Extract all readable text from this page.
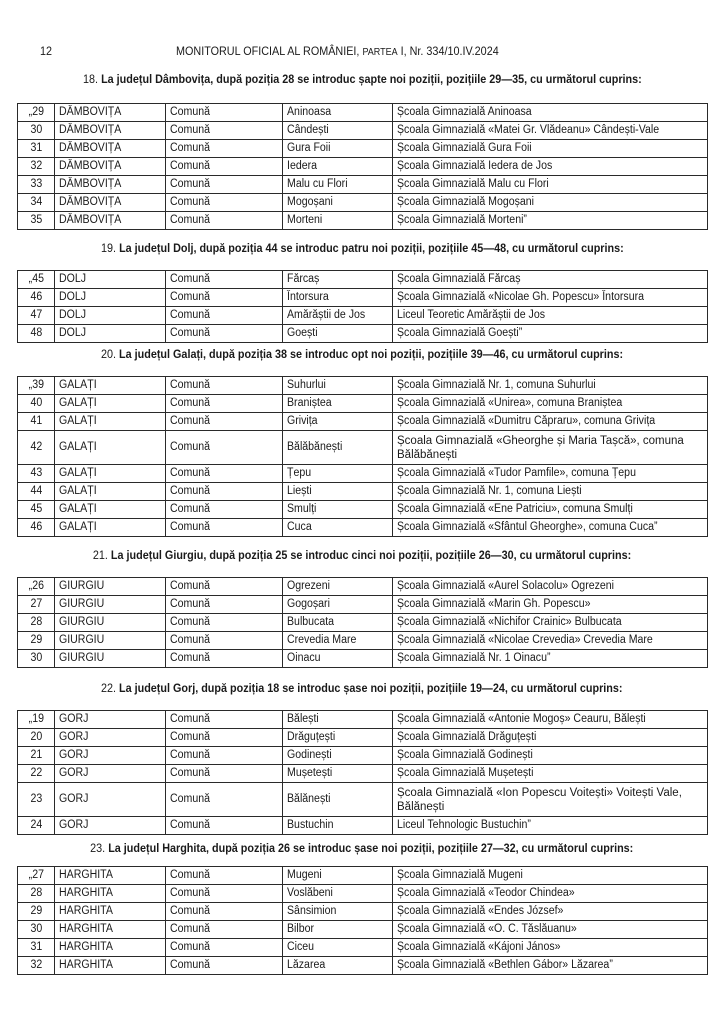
12	MONITORUL OFICIAL AL ROMÂNIEI, PARTEA I, Nr. 334/10.IV.2024
18. La județul Dâmbovița, după poziția 28 se introduc șapte noi poziții, pozițiile 29—35, cu următorul cuprins:
„29	DÂMBOVIȚA	Comună	Aninoasa	Școala Gimnazială Aninoasa
30	DÂMBOVIȚA	Comună	Cândești	Școala Gimnazială «Matei Gr. Vlădeanu» Cândești-Vale
31	DÂMBOVIȚA	Comună	Gura Foii	Școala Gimnazială Gura Foii
32	DÂMBOVIȚA	Comună	Iedera	Școala Gimnazială Iedera de Jos
33	DÂMBOVIȚA	Comună	Malu cu Flori	Școala Gimnazială Malu cu Flori
34	DÂMBOVIȚA	Comună	Mogoșani	Școala Gimnazială Mogoșani
35	DÂMBOVIȚA	Comună	Morteni	Școala Gimnazială Morteni”
19. La județul Dolj, după poziția 44 se introduc patru noi poziții, pozițiile 45—48, cu următorul cuprins:
„45	DOLJ	Comună	Fărcaș	Școala Gimnazială Fărcaș
46	DOLJ	Comună	Întorsura	Școala Gimnazială «Nicolae Gh. Popescu» Întorsura
47	DOLJ	Comună	Amărăștii de Jos	Liceul Teoretic Amărăștii de Jos
48	DOLJ	Comună	Goești	Școala Gimnazială Goești”
20. La județul Galați, după poziția 38 se introduc opt noi poziții, pozițiile 39—46, cu următorul cuprins:
„39	GALAȚI	Comună	Suhurlui	Școala Gimnazială Nr. 1, comuna Suhurlui
40	GALAȚI	Comună	Braniștea	Școala Gimnazială «Unirea», comuna Braniștea
41	GALAȚI	Comună	Grivița	Școala Gimnazială «Dumitru Căpraru», comuna Grivița
42	GALAȚI	Comună	Bălăbănești	Școala Gimnazială «Gheorghe și Maria Tașcă», comuna Bălăbănești
43	GALAȚI	Comună	Țepu	Școala Gimnazială «Tudor Pamfile», comuna Țepu
44	GALAȚI	Comună	Liești	Școala Gimnazială Nr. 1, comuna Liești
45	GALAȚI	Comună	Smulți	Școala Gimnazială «Ene Patriciu», comuna Smulți
46	GALAȚI	Comună	Cuca	Școala Gimnazială «Sfântul Gheorghe», comuna Cuca”
21. La județul Giurgiu, după poziția 25 se introduc cinci noi poziții, pozițiile 26—30, cu următorul cuprins:
„26	GIURGIU	Comună	Ogrezeni	Școala Gimnazială «Aurel Solacolu» Ogrezeni
27	GIURGIU	Comună	Gogoșari	Școala Gimnazială «Marin Gh. Popescu»
28	GIURGIU	Comună	Bulbucata	Școala Gimnazială «Nichifor Crainic» Bulbucata
29	GIURGIU	Comună	Crevedia Mare	Școala Gimnazială «Nicolae Crevedia» Crevedia Mare
30	GIURGIU	Comună	Oinacu	Școala Gimnazială Nr. 1 Oinacu”
22. La județul Gorj, după poziția 18 se introduc șase noi poziții, pozițiile 19—24, cu următorul cuprins:
„19	GORJ	Comună	Bălești	Școala Gimnazială «Antonie Mogoș» Ceauru, Bălești
20	GORJ	Comună	Drăguțești	Școala Gimnazială Drăguțești
21	GORJ	Comună	Godinești	Școala Gimnazială Godinești
22	GORJ	Comună	Mușetești	Școala Gimnazială Mușetești
23	GORJ	Comună	Bălănești	Școala Gimnazială «Ion Popescu Voitești» Voitești Vale, Bălănești
24	GORJ	Comună	Bustuchin	Liceul Tehnologic Bustuchin”
23. La județul Harghita, după poziția 26 se introduc șase noi poziții, pozițiile 27—32, cu următorul cuprins:
„27	HARGHITA	Comună	Mugeni	Școala Gimnazială Mugeni
28	HARGHITA	Comună	Voslăbeni	Școala Gimnazială «Teodor Chindea»
29	HARGHITA	Comună	Sânsimion	Școala Gimnazială «Endes József»
30	HARGHITA	Comună	Bilbor	Școala Gimnazială «O. C. Tăslăuanu»
31	HARGHITA	Comună	Ciceu	Școala Gimnazială «Kájoni János»
32	HARGHITA	Comună	Lăzarea	Școala Gimnazială «Bethlen Gábor» Lăzarea”
